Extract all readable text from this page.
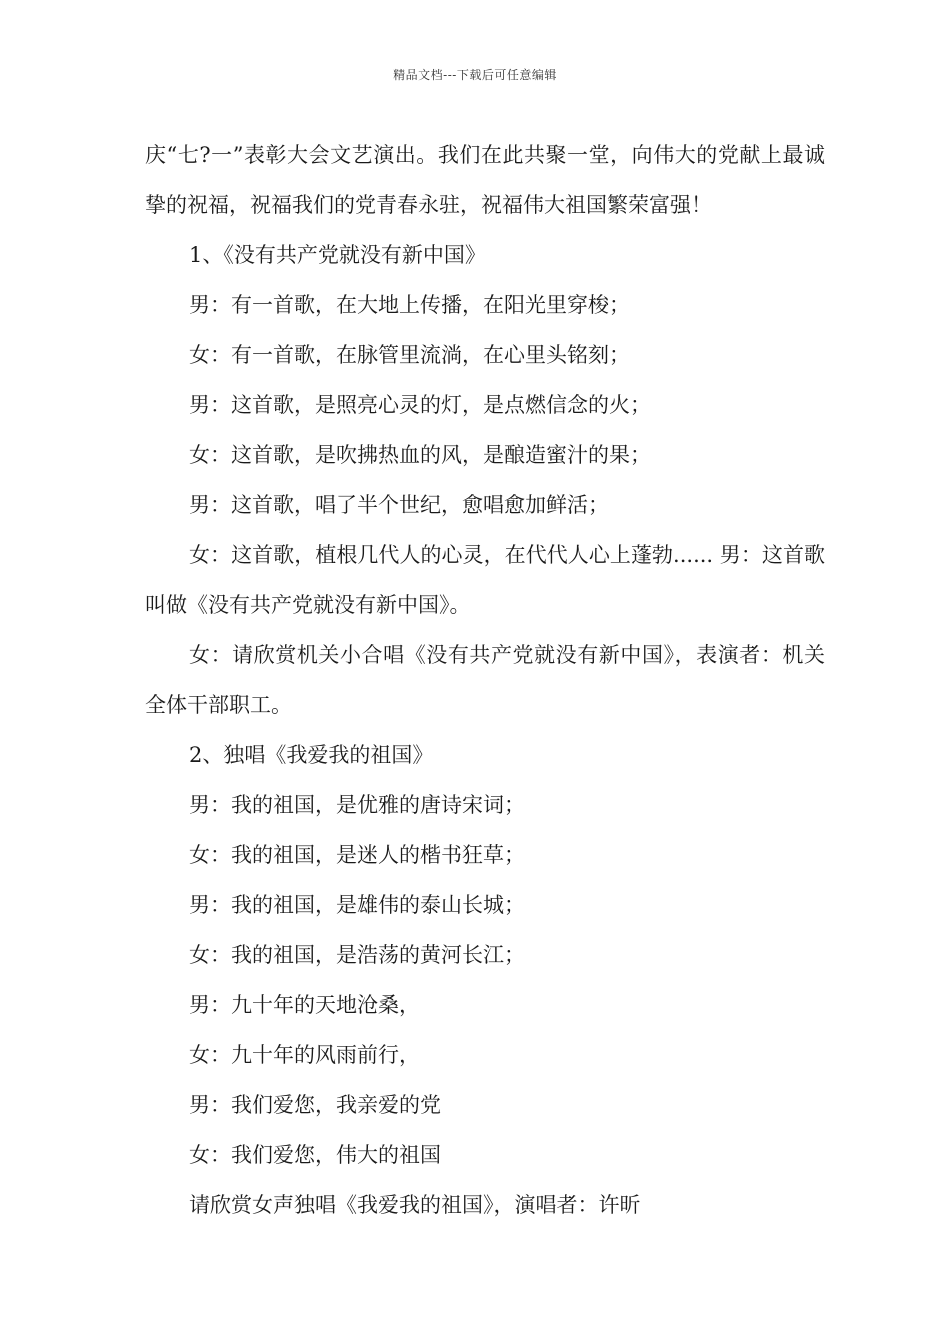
精品文档---下载后可任意编辑

庆“七?一”表彰大会文艺演出。我们在此共聚一堂，向伟大的党献上最诚挚的祝福，祝福我们的党青春永驻，祝福伟大祖国繁荣富强！

1、《没有共产党就没有新中国》

男：有一首歌，在大地上传播，在阳光里穿梭；

女：有一首歌，在脉管里流淌，在心里头铭刻；

男：这首歌，是照亮心灵的灯，是点燃信念的火；

女：这首歌，是吹拂热血的风，是酿造蜜汁的果；

男：这首歌，唱了半个世纪，愈唱愈加鲜活；

女：这首歌，植根几代人的心灵，在代代人心上蓬勃...... 男：这首歌叫做《没有共产党就没有新中国》。

女：请欣赏机关小合唱《没有共产党就没有新中国》，表演者：机关全体干部职工。

2、独唱《我爱我的祖国》

男：我的祖国，是优雅的唐诗宋词；

女：我的祖国，是迷人的楷书狂草；

男：我的祖国，是雄伟的泰山长城；

女：我的祖国，是浩荡的黄河长江；

男：九十年的天地沧桑，

女：九十年的风雨前行，

男：我们爱您，我亲爱的党

女：我们爱您，伟大的祖国

请欣赏女声独唱《我爱我的祖国》，演唱者：许昕
